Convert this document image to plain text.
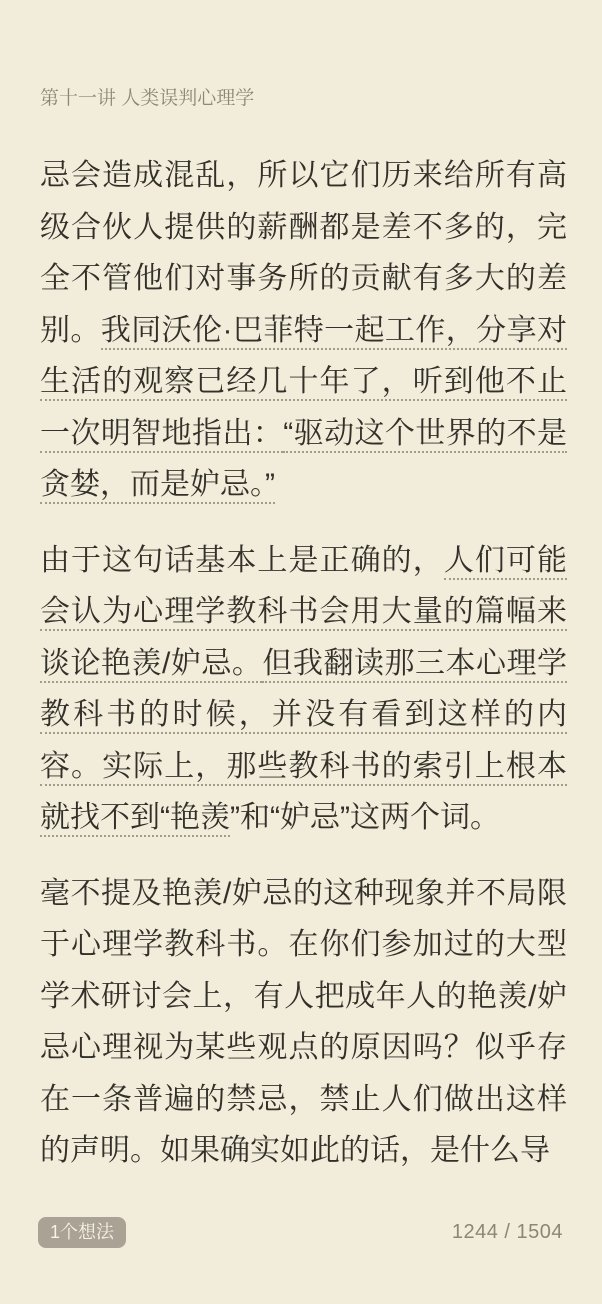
第十一讲 人类误判心理学

忌会造成混乱，所以它们历来给所有高级合伙人提供的薪酬都是差不多的，完全不管他们对事务所的贡献有多大的差别。我同沃伦·巴菲特一起工作，分享对生活的观察已经几十年了，听到他不止一次明智地指出：“驱动这个世界的不是贪婪，而是妒忌。”

由于这句话基本上是正确的，人们可能会认为心理学教科书会用大量的篇幅来谈论艳羡/妒忌。但我翻读那三本心理学教科书的时候，并没有看到这样的内容。实际上，那些教科书的索引上根本就找不到“艳羡”和“妒忌”这两个词。

毫不提及艳羡/妒忌的这种现象并不局限于心理学教科书。在你们参加过的大型学术研讨会上，有人把成年人的艳羡/妒忌心理视为某些观点的原因吗？似乎存在一条普遍的禁忌，禁止人们做出这样的声明。如果确实如此的话，是什么导

1个想法	1244 / 1504
